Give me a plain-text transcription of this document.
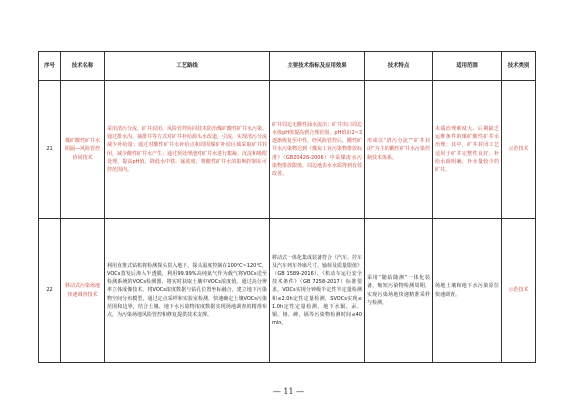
序号	技术名称	工艺路线	主要技术指标及应用效果	技术特点	适用范围	技术类别
21	煤矿酸性矿井水阻隔—风险管控协同技术	采用清污分流、矿井封闭、风险管控协同技术防治煤矿酸性矿井水污染。通过排水沟、抽排井等方式对矿井补给源头水改道，引流，实现清污分流减少补给量；通过对酸性矿井水补给点和周围煤矿补给区域采取矿井封闭，减少酸性矿井水产生；通过预处理池对矿井水进行絮凝、沉淀和吸附处理，提高pH值，降低水中铁、锰浓度，将酸性矿井水的影响控制在可控范围内。	矿井周边无酸性涌水流出；矿井出口周边水体pH值提高到合理范围，pH值由2~3逐渐恢复至中性。经风险管控后，酸性矿井水污染物达到《煤炭工业污染物排放标准》（GB20426-2006）中采煤废水污染物排放限值，周边地表水水质得到有效改善。	形成以“清污分流”“矿井封闭”为主的酸性矿井水污染控制技术体系。	末端治理难度大、后期缺乏运维条件的煤矿酸性矿井水治理；其中，矿井封闭工艺适用于矿井完整性良好、补给水源明确，补水量较少的矿井。	示范技术
22	移动式污染场地快速调查技术	利用直推式钻机将检测探头贯入地下，探头温度控制在100℃~120℃，VOCs蒸发后渗入半透膜，利用99.99%高纯氮气作为载气将VOCs送至检测系统的VOCs检测器，将实时获取土壤中VOCs浓度值。通过高分辨率立体成像技术，将VOCs浓度数据与钻孔位置坐标融合，建立地下污染物空间分布模型。通过定点采样和实验室检测，快速确定土壤VOCs污染范围和边界，结合土壤、地下水污染物浓度数据实现场地调查的精准布点，为污染场地风险管控和修复提供技术支撑。	移动式一体化集成装备符合《汽车、挂车及汽车列车外廓尺寸、轴荷及质量限值》（GB 1589-2016）、《机动车运行安全技术条件》（GB 7258-2017）标准要求。VOCs实现分钟级半定性半定量检测和≤2.0h定性定量检测，SVOCs实现≤1.0h定性定量检测，地下水铜、汞、铜、铬、砷、镉等污染物检测时间≤40 min。	采用“随钻随测”一体化装备，缩短污染物检测周期，实现污染场地快速精准采样与检测。	场地土壤和地下水污染原位快速调查。	示范技术
— 11 —
